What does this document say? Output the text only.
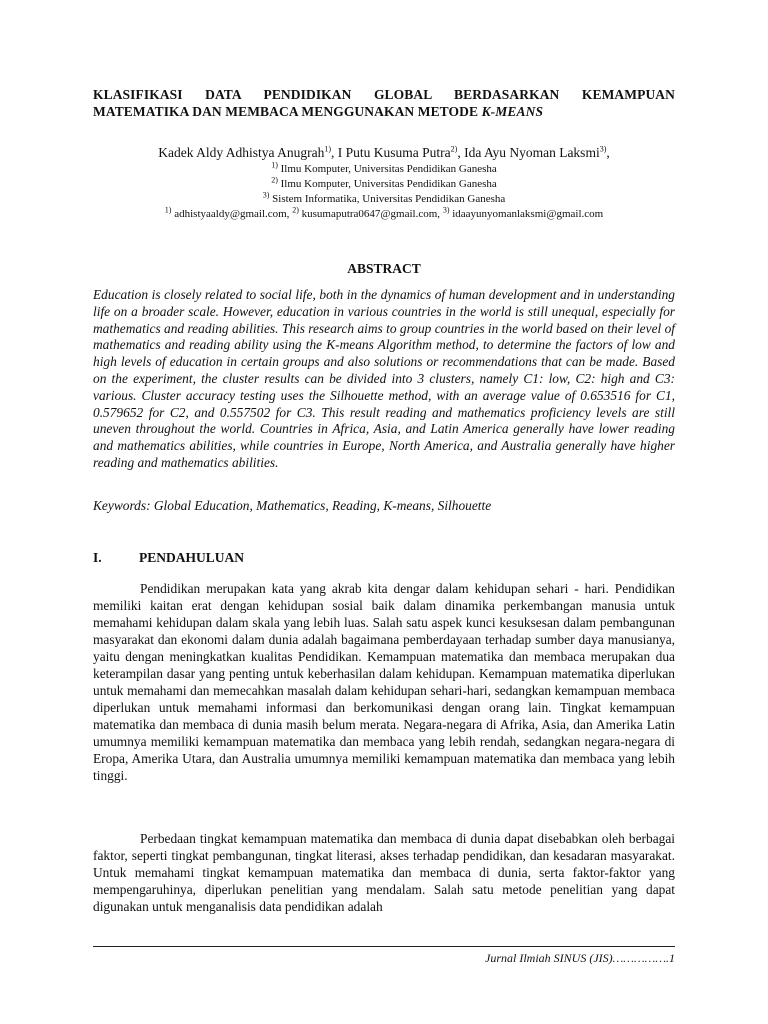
KLASIFIKASI DATA PENDIDIKAN GLOBAL BERDASARKAN KEMAMPUAN MATEMATIKA DAN MEMBACA MENGGUNAKAN METODE K-MEANS
Kadek Aldy Adhistya Anugrah$^{1)}$, I Putu Kusuma Putra$^{2)}$, Ida Ayu Nyoman Laksmi$^{3)}$,
$^{1)}$ Ilmu Komputer, Universitas Pendidikan Ganesha
$^{2)}$ Ilmu Komputer, Universitas Pendidikan Ganesha
$^{3)}$ Sistem Informatika, Universitas Pendidikan Ganesha
$^{1)}$ adhistyaaldy@gmail.com, $^{2)}$ kusumaputra0647@gmail.com, $^{3)}$ idaayunyomanlaksmi@gmail.com
ABSTRACT
Education is closely related to social life, both in the dynamics of human development and in understanding life on a broader scale. However, education in various countries in the world is still unequal, especially for mathematics and reading abilities. This research aims to group countries in the world based on their level of mathematics and reading ability using the K-means Algorithm method, to determine the factors of low and high levels of education in certain groups and also solutions or recommendations that can be made. Based on the experiment, the cluster results can be divided into 3 clusters, namely C1: low, C2: high and C3: various. Cluster accuracy testing uses the Silhouette method, with an average value of 0.653516 for C1, 0.579652 for C2, and 0.557502 for C3. This result reading and mathematics proficiency levels are still uneven throughout the world. Countries in Africa, Asia, and Latin America generally have lower reading and mathematics abilities, while countries in Europe, North America, and Australia generally have higher reading and mathematics abilities.
Keywords: Global Education, Mathematics, Reading, K-means, Silhouette
I.	PENDAHULUAN

Pendidikan merupakan kata yang akrab kita dengar dalam kehidupan sehari - hari. Pendidikan memiliki kaitan erat dengan kehidupan sosial baik dalam dinamika perkembangan manusia untuk memahami kehidupan dalam skala yang lebih luas. Salah satu aspek kunci kesuksesan dalam pembangunan masyarakat dan ekonomi dalam dunia adalah bagaimana pemberdayaan terhadap sumber daya manusianya, yaitu dengan meningkatkan kualitas Pendidikan. Kemampuan matematika dan membaca merupakan dua keterampilan dasar yang penting untuk keberhasilan dalam kehidupan. Kemampuan matematika diperlukan untuk memahami dan memecahkan masalah dalam kehidupan sehari-hari, sedangkan kemampuan membaca diperlukan untuk memahami informasi dan berkomunikasi dengan orang lain. Tingkat kemampuan matematika dan membaca di dunia masih belum merata. Negara-negara di Afrika, Asia, dan Amerika Latin umumnya memiliki kemampuan matematika dan membaca yang lebih rendah, sedangkan negara-negara di Eropa, Amerika Utara, dan Australia umumnya memiliki kemampuan matematika dan membaca yang lebih tinggi.

Perbedaan tingkat kemampuan matematika dan membaca di dunia dapat disebabkan oleh berbagai faktor, seperti tingkat pembangunan, tingkat literasi, akses terhadap pendidikan, dan kesadaran masyarakat. Untuk memahami tingkat kemampuan matematika dan membaca di dunia, serta faktor-faktor yang mempengaruhinya, diperlukan penelitian yang mendalam. Salah satu metode penelitian yang dapat digunakan untuk menganalisis data pendidikan adalah

Jurnal Ilmiah SINUS (JIS)…………….1
